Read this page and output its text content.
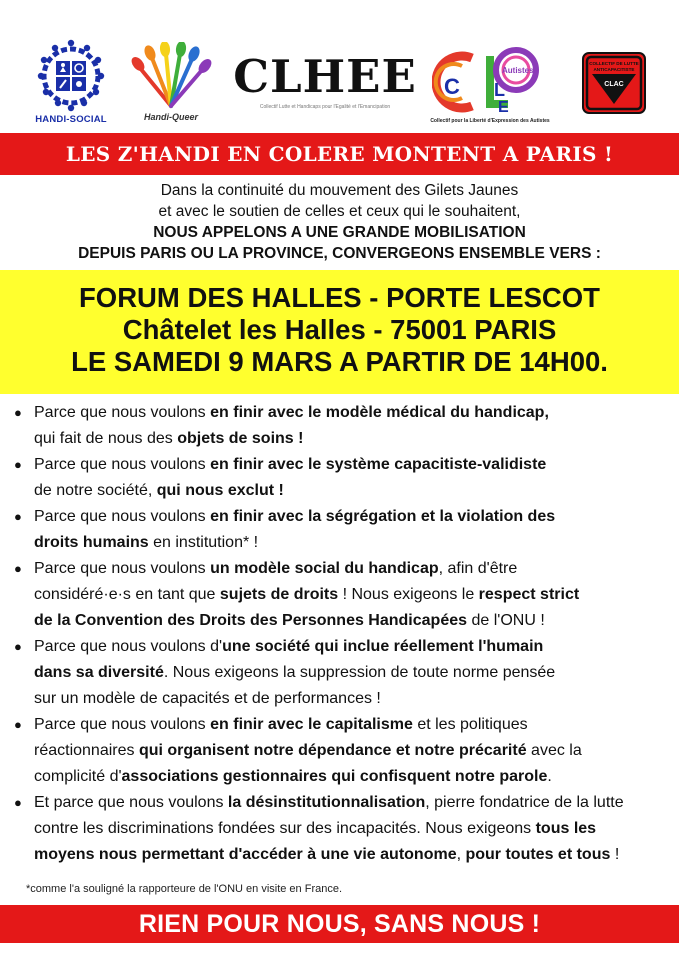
HANDI-SOCIAL	Handi-Queer
CLHEE
Collectif Lutte et Handicaps pour l'Egalité et l'Emancipation
C L
E
Autistes
Collectif pour la Liberté d'Expression des Autistes
COLLECTIF DE LUTTE
ANTICAPACITISTE
CLAC
LES Z'HANDI EN COLERE MONTENT A PARIS !
Dans la continuité du mouvement des Gilets Jaunes
et avec le soutien de celles et ceux qui le souhaitent,
NOUS APPELONS A UNE GRANDE MOBILISATION
DEPUIS PARIS OU LA PROVINCE, CONVERGEONS ENSEMBLE VERS :
FORUM DES HALLES - PORTE LESCOT
Châtelet les Halles - 75001 PARIS
LE SAMEDI 9 MARS A PARTIR DE 14H00.
● Parce que nous voulons en finir avec le modèle médical du handicap,
qui fait de nous des objets de soins !
● Parce que nous voulons en finir avec le système capacitiste-validiste
de notre société, qui nous exclut !
● Parce que nous voulons en finir avec la ségrégation et la violation des
droits humains en institution* !
● Parce que nous voulons un modèle social du handicap, afin d'être
considéré·e·s en tant que sujets de droits ! Nous exigeons le respect strict
de la Convention des Droits des Personnes Handicapées de l'ONU !
● Parce que nous voulons d'une société qui inclue réellement l'humain
dans sa diversité. Nous exigeons la suppression de toute norme pensée
sur un modèle de capacités et de performances !
● Parce que nous voulons en finir avec le capitalisme et les politiques
réactionnaires qui organisent notre dépendance et notre précarité avec la
complicité d'associations gestionnaires qui confisquent notre parole.
● Et parce que nous voulons la désinstitutionnalisation, pierre fondatrice de la lutte
contre les discriminations fondées sur des incapacités. Nous exigeons tous les
moyens nous permettant d'accéder à une vie autonome, pour toutes et tous !
*comme l'a souligné la rapporteure de l'ONU en visite en France.
RIEN POUR NOUS, SANS NOUS !
